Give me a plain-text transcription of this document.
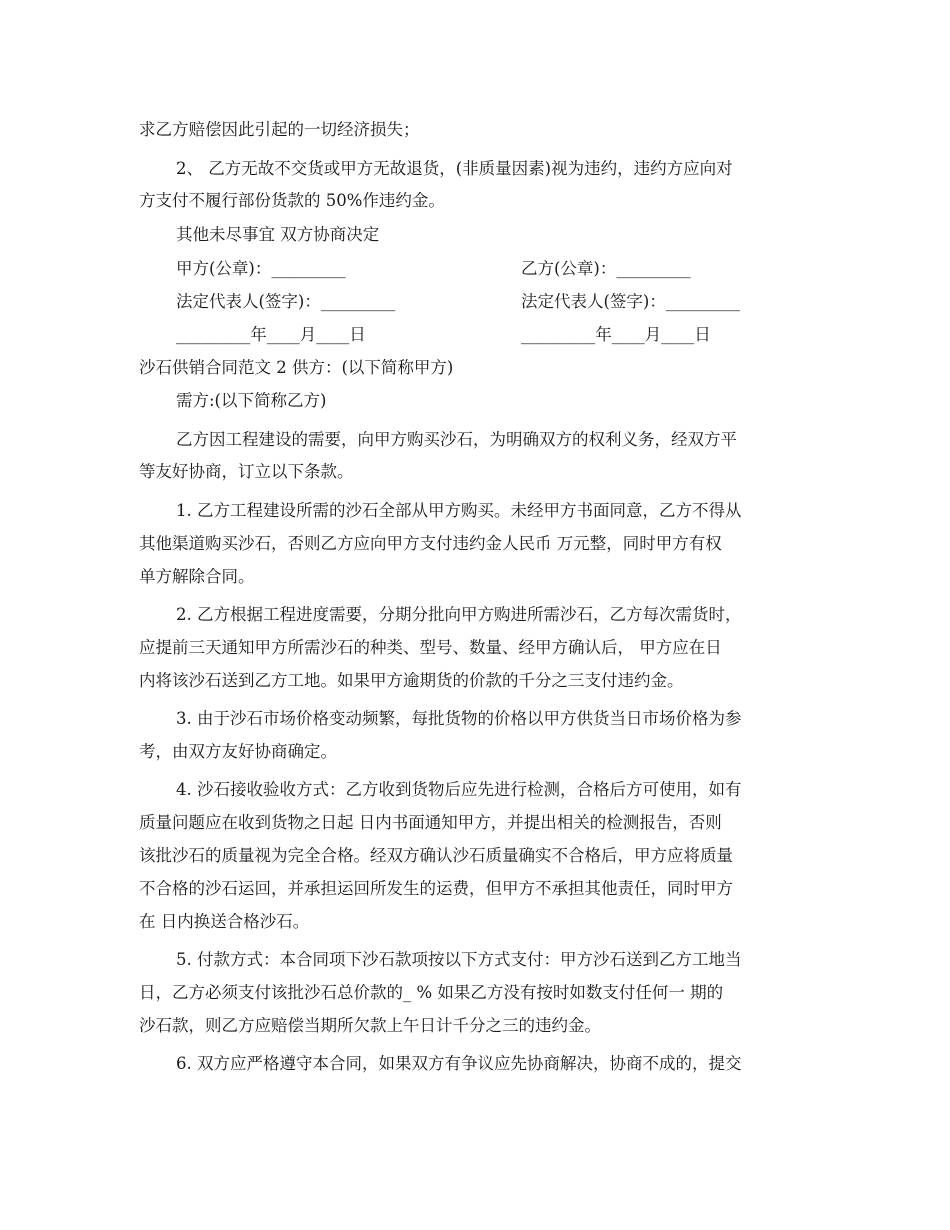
求乙方赔偿因此引起的一切经济损失；
2、 乙方无故不交货或甲方无故退货，(非质量因素)视为违约，违约方应向对
方支付不履行部份货款的 50%作违约金。
其他未尽事宜 双方协商决定
甲方(公章)：_________	乙方(公章)：_________
法定代表人(签字)：_________	法定代表人(签字)：_________
_________年____月____日	_________年____月____日
沙石供销合同范文 2 供方：(以下简称甲方)
需方:(以下简称乙方)
乙方因工程建设的需要，向甲方购买沙石，为明确双方的权利义务，经双方平
等友好协商，订立以下条款。
1. 乙方工程建设所需的沙石全部从甲方购买。未经甲方书面同意，乙方不得从
其他渠道购买沙石，否则乙方应向甲方支付违约金人民币 万元整，同时甲方有权
单方解除合同。
2. 乙方根据工程进度需要，分期分批向甲方购进所需沙石，乙方每次需货时，
应提前三天通知甲方所需沙石的种类、型号、数量、经甲方确认后， 甲方应在日
内将该沙石送到乙方工地。如果甲方逾期货的价款的千分之三支付违约金。
3. 由于沙石市场价格变动频繁，每批货物的价格以甲方供货当日市场价格为参
考，由双方友好协商确定。
4. 沙石接收验收方式：乙方收到货物后应先进行检测，合格后方可使用，如有
质量问题应在收到货物之日起 日内书面通知甲方，并提出相关的检测报告，否则
该批沙石的质量视为完全合格。经双方确认沙石质量确实不合格后，甲方应将质量
不合格的沙石运回，并承担运回所发生的运费，但甲方不承担其他责任，同时甲方
在 日内换送合格沙石。
5. 付款方式：本合同项下沙石款项按以下方式支付：甲方沙石送到乙方工地当
日，乙方必须支付该批沙石总价款的_ % 如果乙方没有按时如数支付任何一 期的
沙石款，则乙方应赔偿当期所欠款上午日计千分之三的违约金。
6. 双方应严格遵守本合同，如果双方有争议应先协商解决，协商不成的，提交
